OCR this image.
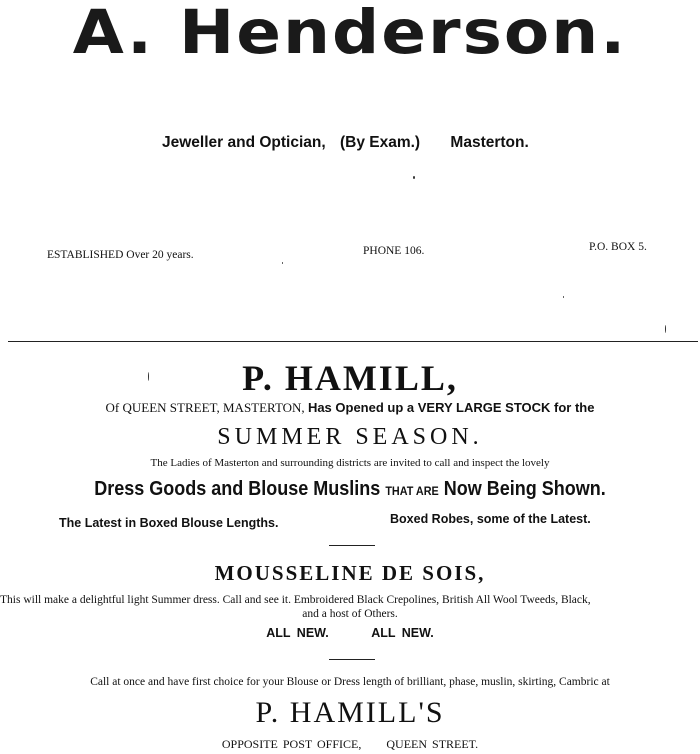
A. Henderson.
Jeweller and Optician, (By Exam.) Masterton.
ESTABLISHED Over 20 years.	PHONE 106.	P.O. BOX 5.
P. HAMILL,
Of QUEEN STREET, MASTERTON, Has Opened up a VERY LARGE STOCK for the
SUMMER SEASON.
The Ladies of Masterton and surrounding districts are invited to call and inspect the lovely
Dress Goods and Blouse Muslins THAT ARE Now Being Shown.
The Latest in Boxed Blouse Lengths.	Boxed Robes, some of the Latest.
MOUSSELINE DE SOIS,
This will make a delightful light Summer dress. Call and see it. Embroidered Black Crepolines, British All Wool Tweeds, Black,
and a host of Others.
ALL NEW.	ALL NEW.
Call at once and have first choice for your Blouse or Dress length of brilliant, phase, muslin, skirting, Cambric at
P. HAMILL'S
OPPOSITE POST OFFICE, QUEEN STREET.
